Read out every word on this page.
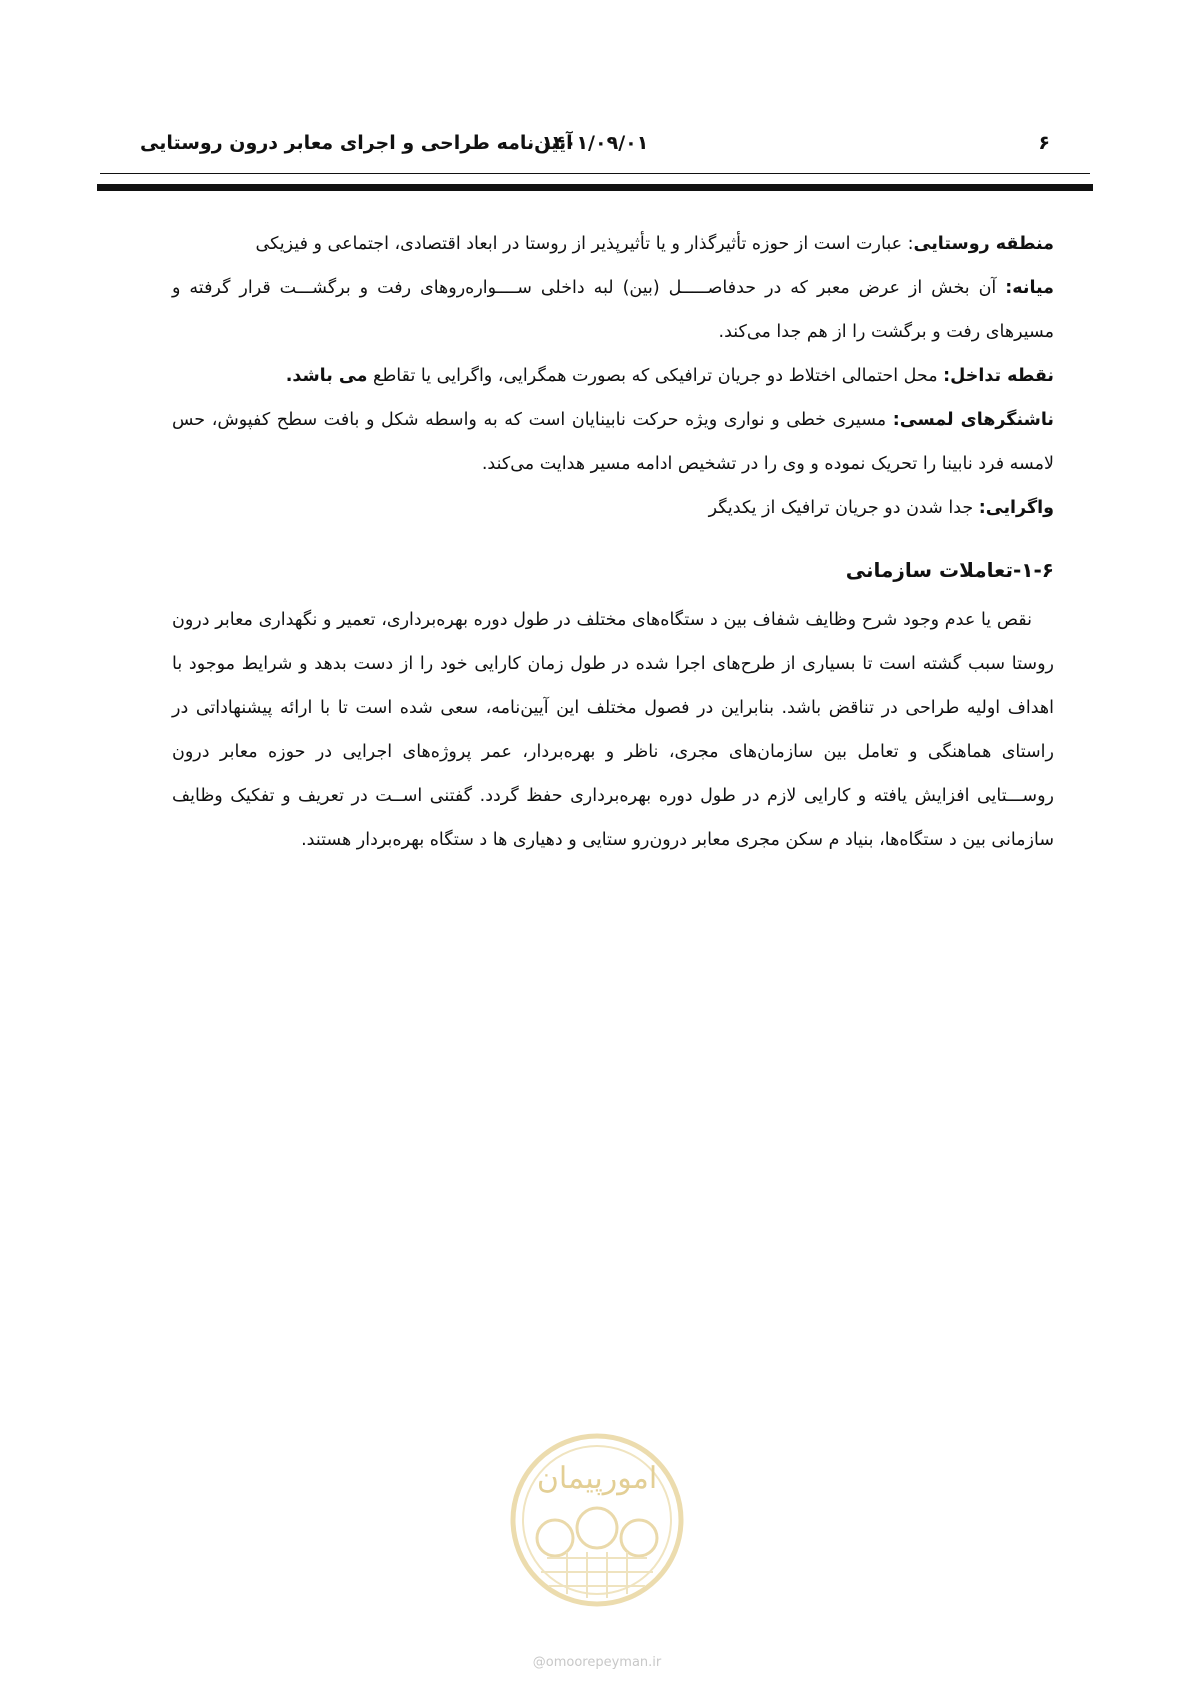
۶
۱۴۰۱/۰۹/۰۱
آیین‌نامه طراحی و اجرای معابر درون روستایی

منطقه روستایی: عبارت است از حوزه تأثیرگذار و یا تأثیرپذیر از روستا در ابعاد اقتصادی، اجتماعی و فیزیکی

میانه: آن بخش از عرض معبر که در حدفاصـــــل (بین) لبه داخلی ســــواره‌روهای رفت و برگشـــت قرار گرفته و مسیرهای رفت و برگشت را از هم جدا می‌کند.

نقطه تداخل: محل احتمالی اختلاط دو جریان ترافیکی که بصورت همگرایی، واگرایی یا تقاطع می باشد.

ناشنگرهای لمسی: مسیری خطی و نواری ویژه حرکت نابینایان است که به واسطه شکل و بافت سطح کفپوش، حس لامسه فرد نابینا را تحریک نموده و وی را در تشخیص ادامه مسیر هدایت می‌کند.

واگرایی: جدا شدن دو جریان ترافیک از یکدیگر

۱-۶-تعاملات سازمانی

نقص یا عدم وجود شرح وظایف شفاف بین د ستگاه‌های مختلف در طول دوره بهره‌برداری، تعمیر و نگهداری معابر درون روستا سبب گشته است تا بسیاری از طرح‌های اجرا شده در طول زمان کارایی خود را از دست بدهد و شرایط موجود با اهداف اولیه طراحی در تناقض باشد. بنابراین در فصول مختلف این آیین‌نامه، سعی شده است تا با ارائه پیشنهاداتی در راستای هماهنگی و تعامل بین سازمان‌های مجری، ناظر و بهره‌بردار، عمر پروژه‌های اجرایی در حوزه معابر درون روســـتایی افزایش یافته و کارایی لازم در طول دوره بهره‌برداری حفظ گردد. گفتنی اســت در تعریف و تفکیک وظایف سازمانی بین د ستگاه‌ها، بنیاد م سکن مجری معابر درون‌رو ستایی و دهیاری ها د ستگاه بهره‌بردار هستند.

امورپیمان
@omoorepeyman.ir
